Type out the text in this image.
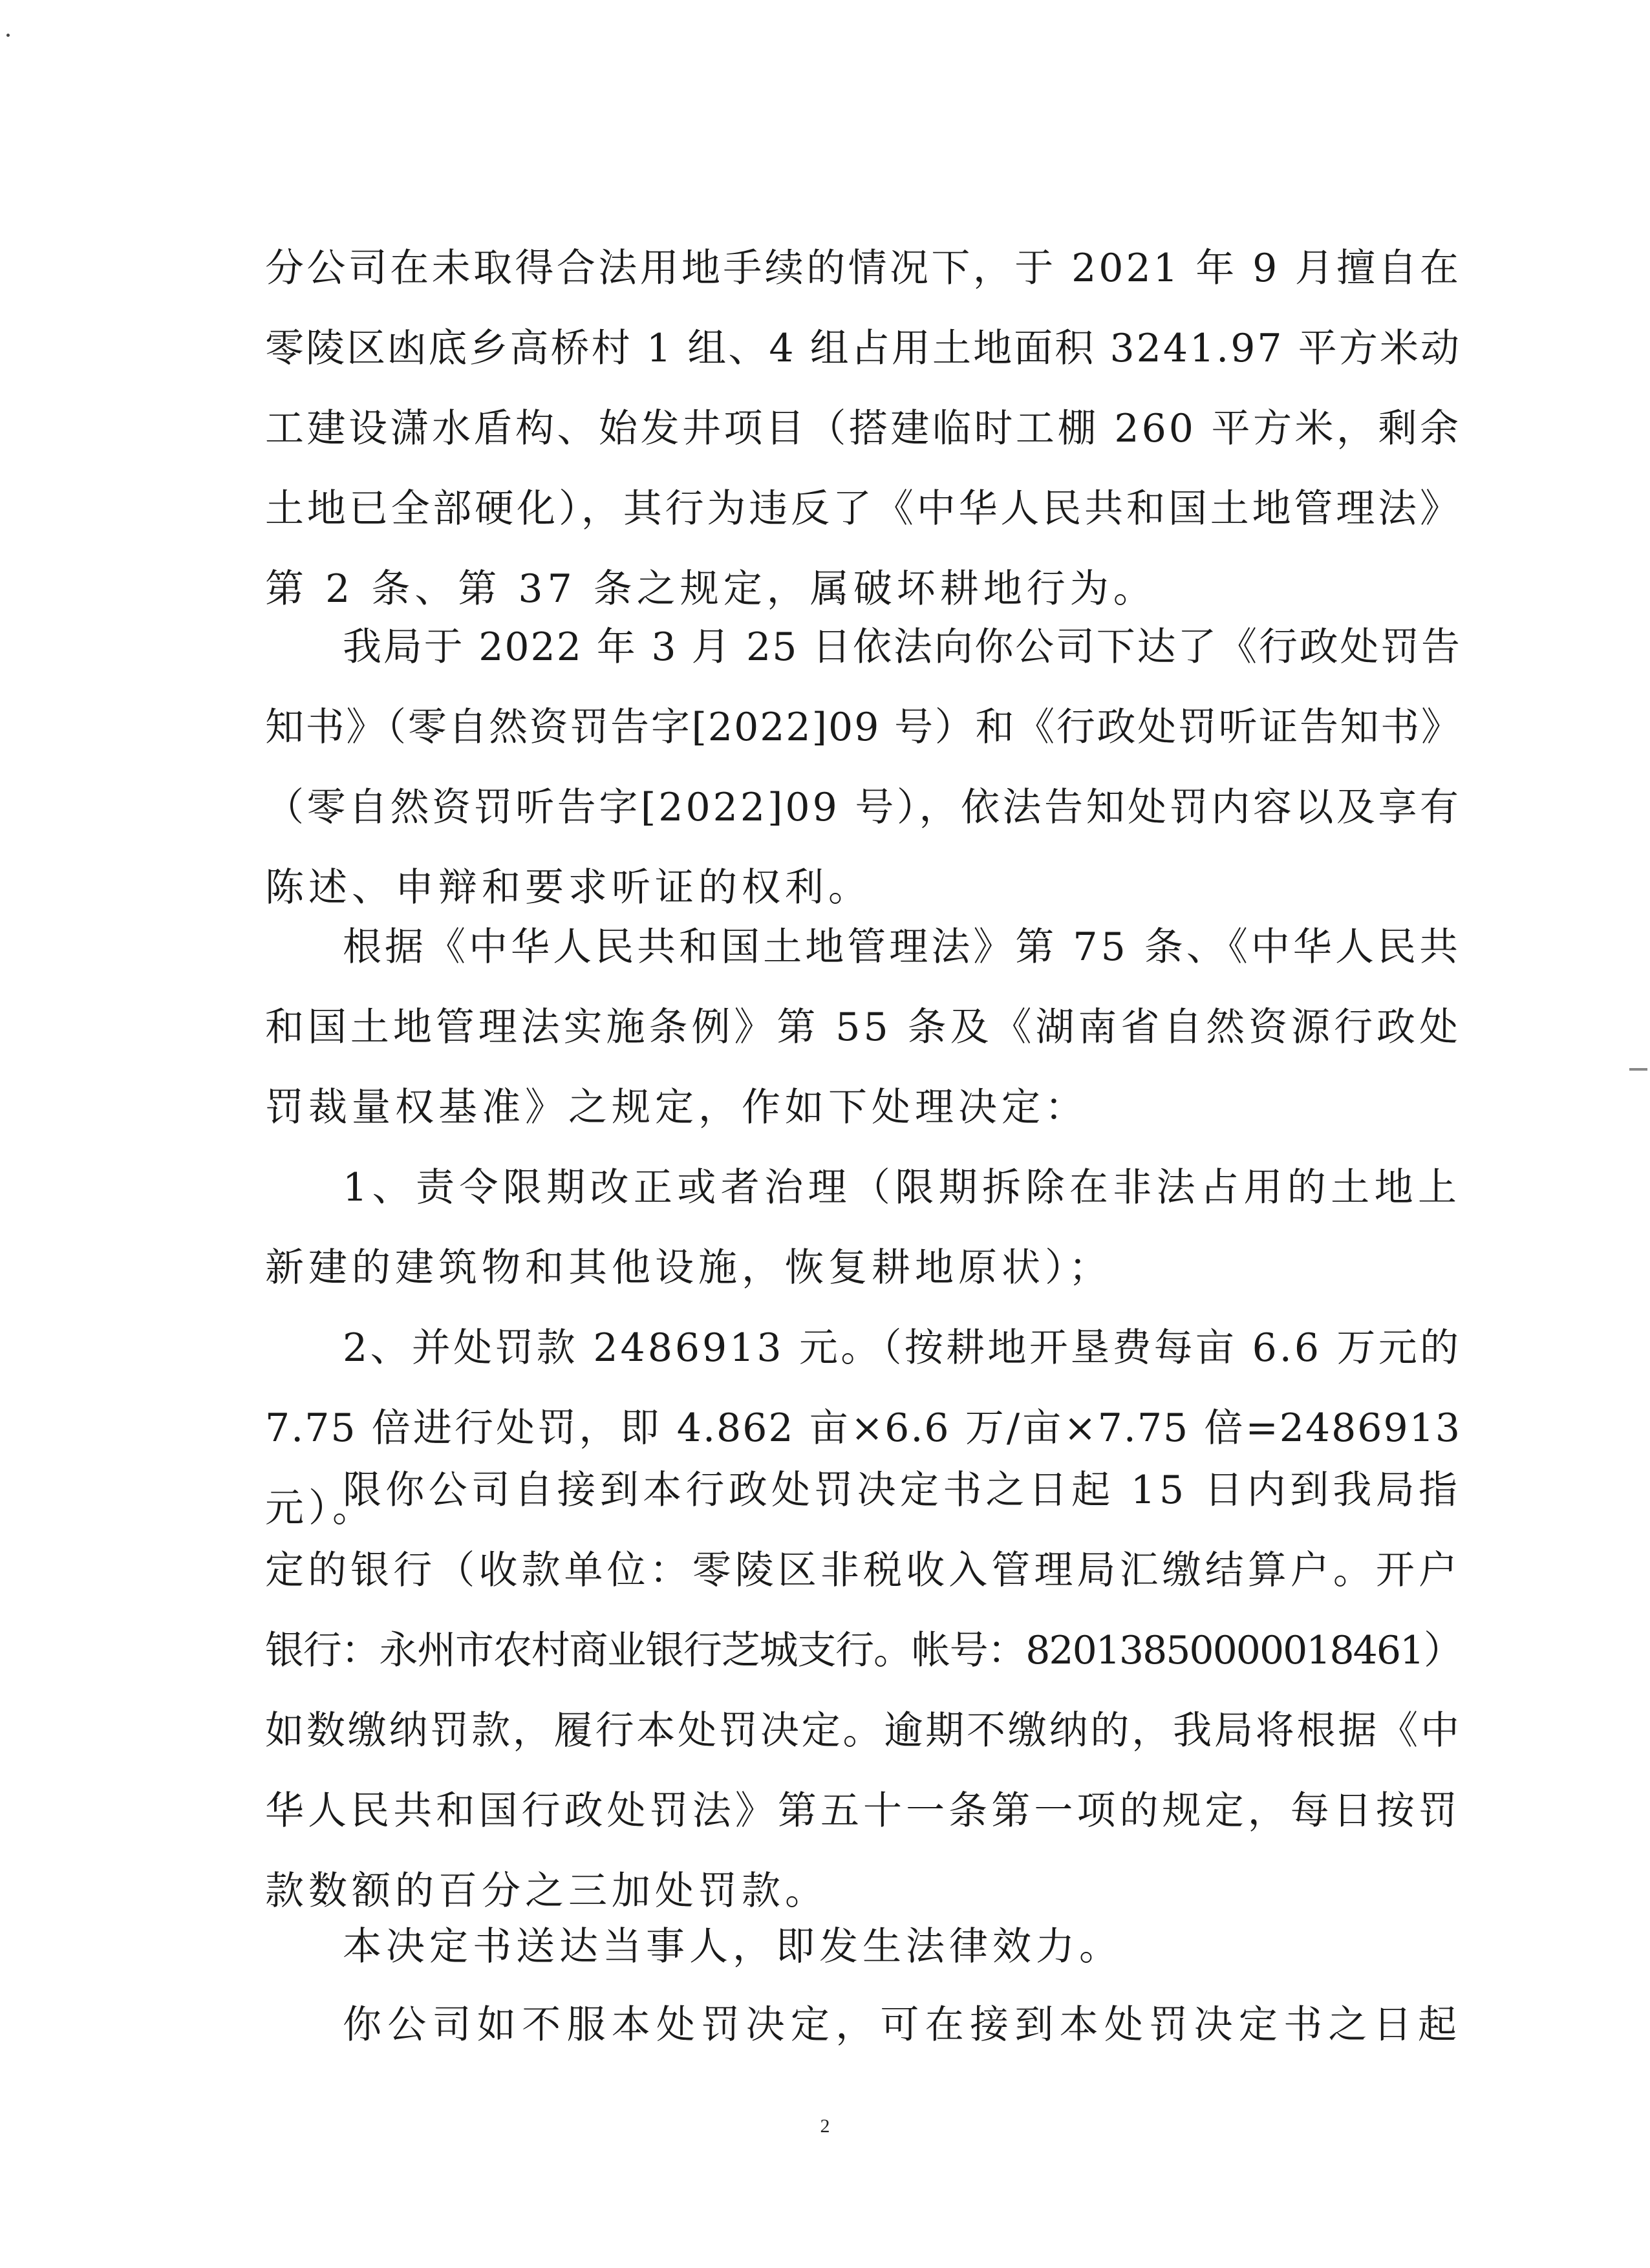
分公司在未取得合法用地手续的情况下，于 2021 年 9 月擅自在
零陵区凼底乡高桥村 1 组、4 组占用土地面积 3241.97 平方米动
工建设潇水盾构、始发井项目（搭建临时工棚 260 平方米，剩余
土地已全部硬化），其行为违反了《中华人民共和国土地管理法》
第 2 条、第 37 条之规定，属破坏耕地行为。
我局于 2022 年 3 月 25 日依法向你公司下达了《行政处罚告
知书》（零自然资罚告字[2022]09 号）和《行政处罚听证告知书》
（零自然资罚听告字[2022]09 号），依法告知处罚内容以及享有
陈述、申辩和要求听证的权利。
根据《中华人民共和国土地管理法》第 75 条、《中华人民共
和国土地管理法实施条例》第 55 条及《湖南省自然资源行政处
罚裁量权基准》之规定，作如下处理决定：
1、责令限期改正或者治理（限期拆除在非法占用的土地上
新建的建筑物和其他设施，恢复耕地原状）；
2、并处罚款 2486913 元。（按耕地开垦费每亩 6.6 万元的
7.75 倍进行处罚，即 4.862 亩×6.6 万/亩×7.75 倍=2486913
元）。
限你公司自接到本行政处罚决定书之日起 15 日内到我局指
定的银行（收款单位：零陵区非税收入管理局汇缴结算户。开户
银行：永州市农村商业银行芝城支行。帐号：82013850000018461）
如数缴纳罚款，履行本处罚决定。逾期不缴纳的，我局将根据《中
华人民共和国行政处罚法》第五十一条第一项的规定，每日按罚
款数额的百分之三加处罚款。
本决定书送达当事人，即发生法律效力。
你公司如不服本处罚决定，可在接到本处罚决定书之日起
2
